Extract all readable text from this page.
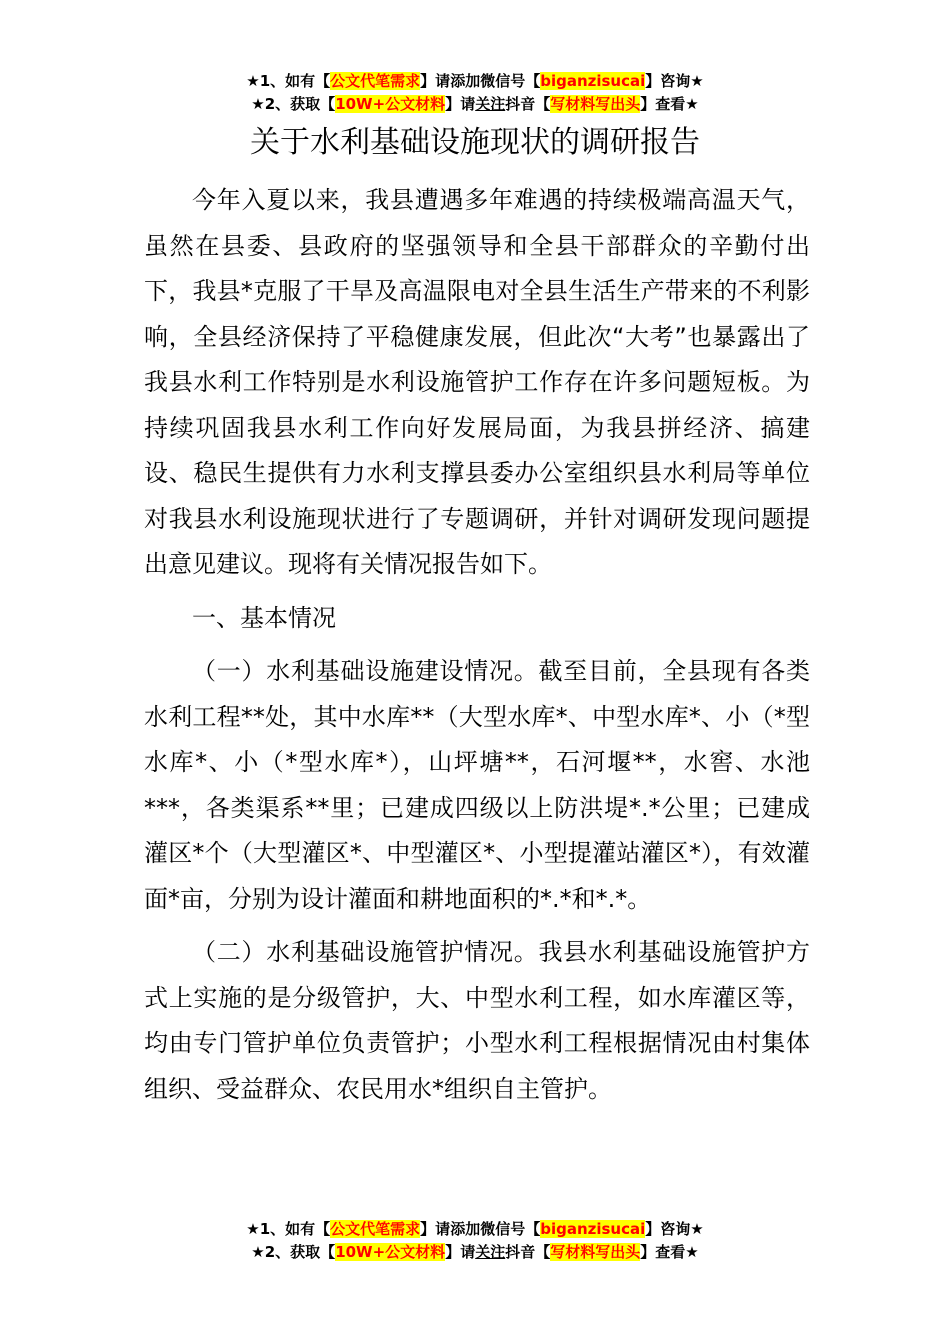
★1、如有【公文代笔需求】请添加微信号【biganzisucai】咨询★
★2、获取【10W+公文材料】请关注抖音【写材料写出头】查看★
关于水利基础设施现状的调研报告

今年入夏以来，我县遭遇多年难遇的持续极端高温天气，虽然在县委、县政府的坚强领导和全县干部群众的辛勤付出下，我县*克服了干旱及高温限电对全县生活生产带来的不利影响，全县经济保持了平稳健康发展，但此次“大考”也暴露出了我县水利工作特别是水利设施管护工作存在许多问题短板。为持续巩固我县水利工作向好发展局面，为我县拼经济、搞建设、稳民生提供有力水利支撑县委办公室组织县水利局等单位对我县水利设施现状进行了专题调研，并针对调研发现问题提出意见建议。现将有关情况报告如下。

一、基本情况

（一）水利基础设施建设情况。截至目前，全县现有各类水利工程**处，其中水库**（大型水库*、中型水库*、小（*型水库*、小（*型水库*），山坪塘**，石河堰**，水窖、水池***，各类渠系**里；已建成四级以上防洪堤*.*公里；已建成灌区*个（大型灌区*、中型灌区*、小型提灌站灌区*），有效灌面*亩，分别为设计灌面和耕地面积的*.*和*.*。

（二）水利基础设施管护情况。我县水利基础设施管护方式上实施的是分级管护，大、中型水利工程，如水库灌区等，均由专门管护单位负责管护；小型水利工程根据情况由村集体组织、受益群众、农民用水*组织自主管护。

★1、如有【公文代笔需求】请添加微信号【biganzisucai】咨询★
★2、获取【10W+公文材料】请关注抖音【写材料写出头】查看★
